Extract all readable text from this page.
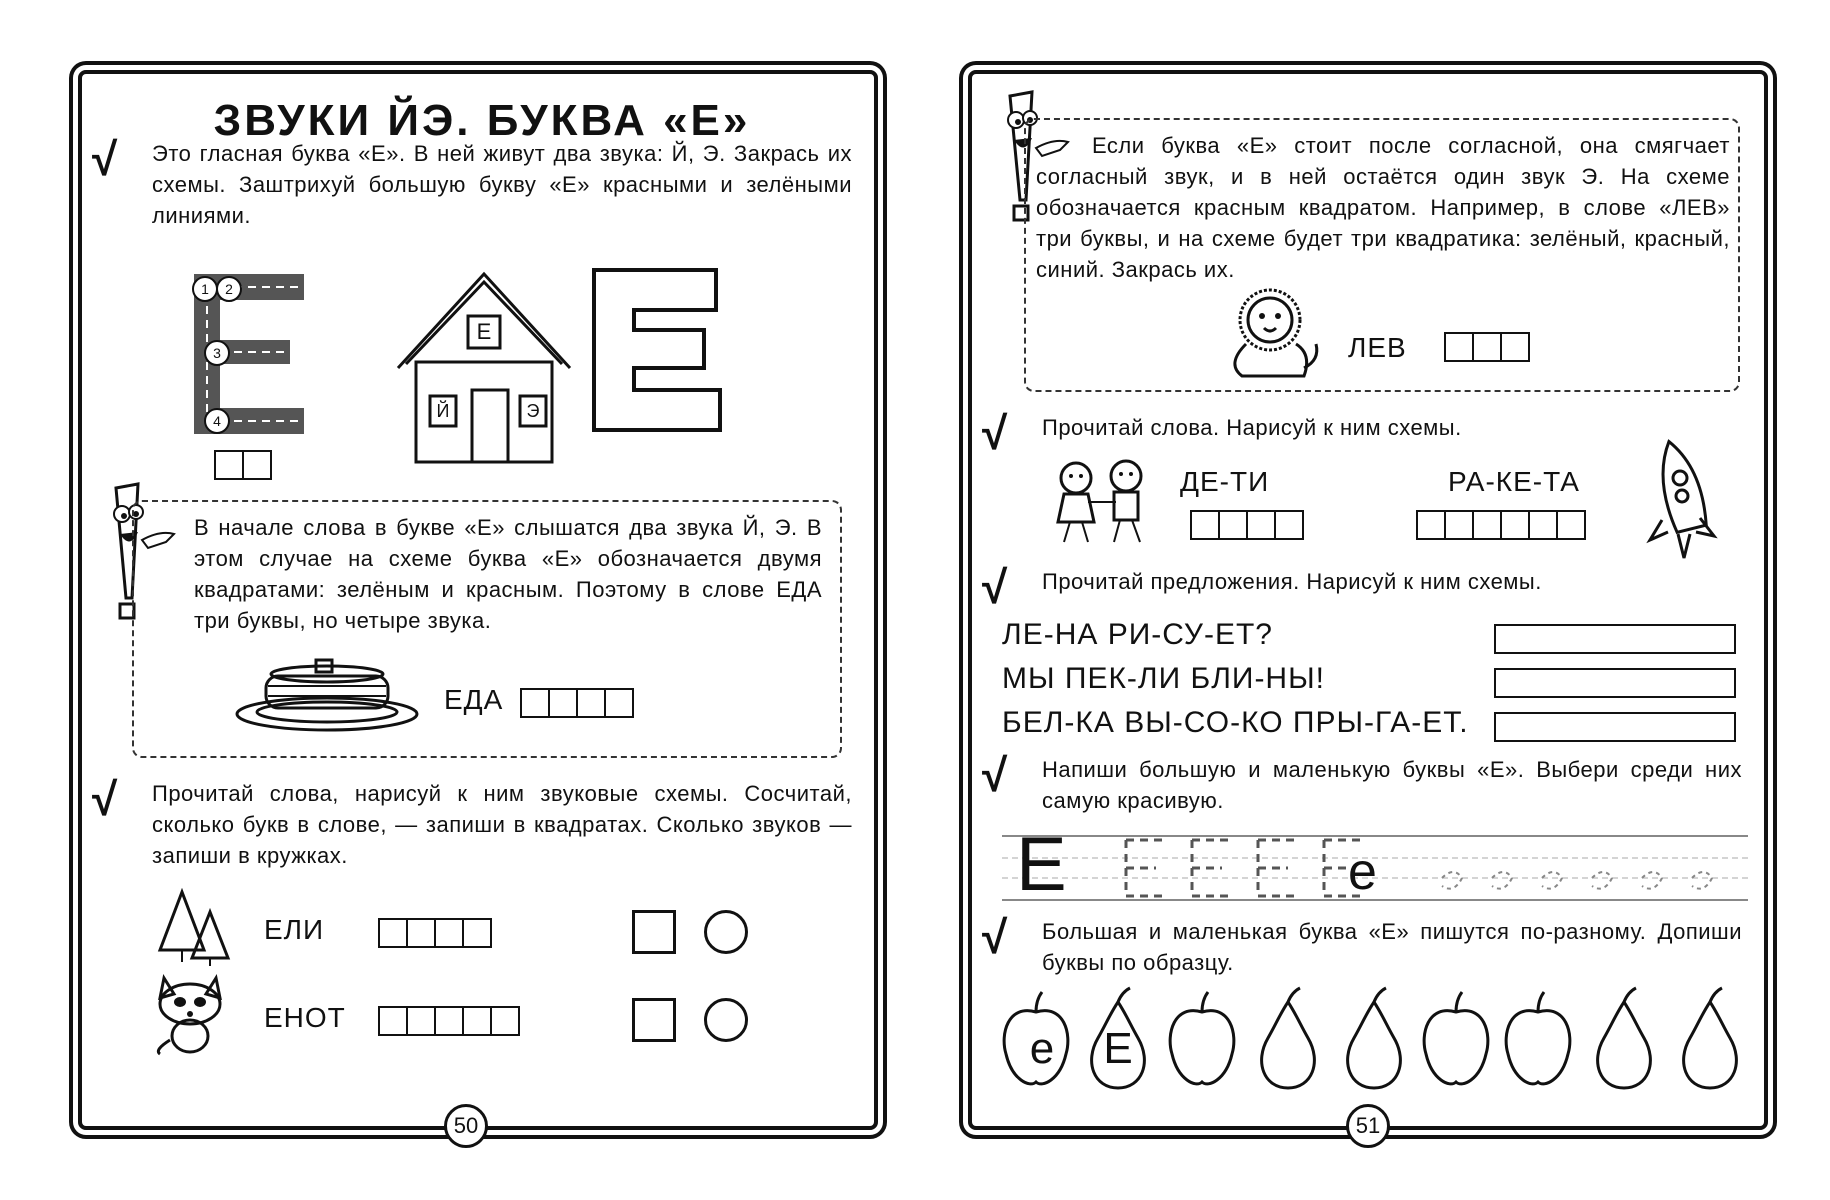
ЗВУКИ ЙЭ. БУКВА «Е»
√ Это гласная буква «Е». В ней живут два звука: Й, Э. Закрась их схемы. Заштрихуй большую букву «Е» красными и зелёными линиями.
1	2
3
4
Е
Й	Э
В начале слова в букве «Е» слышатся два звука Й, Э. В этом случае на схеме буква «Е» обозначается двумя квадратами: зелёным и красным. Поэтому в слове ЕДА три буквы, но четыре звука.
ЕДА
√ Прочитай слова, нарисуй к ним звуковые схемы. Сосчитай, сколько букв в слове, — запиши в квадратах. Сколько звуков — запиши в кружках.
ЕЛИ
ЕНОТ
50
Если буква «Е» стоит после согласной, она смягчает согласный звук, и в ней остаётся один звук Э. На схеме обозначается красным квадратом. Например, в слове «ЛЕВ» три буквы, и на схеме будет три квадратика: зелёный, красный, синий. Закрась их.
ЛЕВ
√ Прочитай слова. Нарисуй к ним схемы.
ДЕ-ТИ	РА-КЕ-ТА
√ Прочитай предложения. Нарисуй к ним схемы.
ЛЕ-НА РИ-СУ-ЕТ?
МЫ ПЕК-ЛИ БЛИ-НЫ!
БЕЛ-КА ВЫ-СО-КО ПРЫ-ГА-ЕТ.
√ Напиши большую и маленькую буквы «Е». Выбери среди них самую красивую.
Е	е
√ Большая и маленькая буква «Е» пишутся по-разному. Допиши буквы по образцу.
е Е
51
